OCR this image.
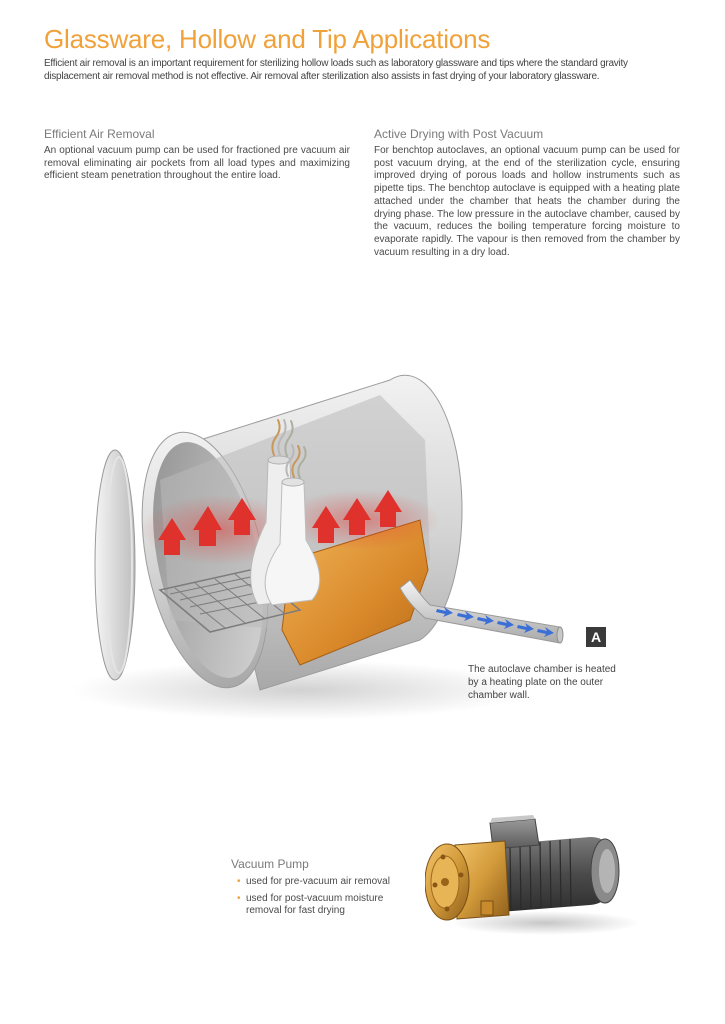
Glassware, Hollow and Tip Applications

Efficient air removal is an important requirement for sterilizing hollow loads such as laboratory glassware and tips where the standard gravity displacement air removal method is not effective. Air removal after sterilization also assists in fast drying of your laboratory glassware.

Efficient Air Removal

An optional vacuum pump can be used for fractioned pre vacuum air removal eliminating air pockets from all load types and maximizing efficient steam penetration throughout the entire load.

Active Drying with Post Vacuum

For benchtop autoclaves, an optional vacuum pump can be used for post vacuum drying, at the end of the sterilization cycle, ensuring improved drying of porous loads and hollow instruments such as pipette tips. The benchtop autoclave is equipped with a heating plate attached under the chamber that heats the chamber during the drying phase. The low pressure in the autoclave chamber, caused by the vacuum, reduces the boiling temperature forcing moisture to evaporate rapidly. The vapour is then removed from the chamber by vacuum resulting in a dry load.

A

The autoclave chamber is heated by a heating plate on the outer chamber wall.

Vacuum Pump
• used for pre-vacuum air removal
• used for post-vacuum moisture removal for fast drying
